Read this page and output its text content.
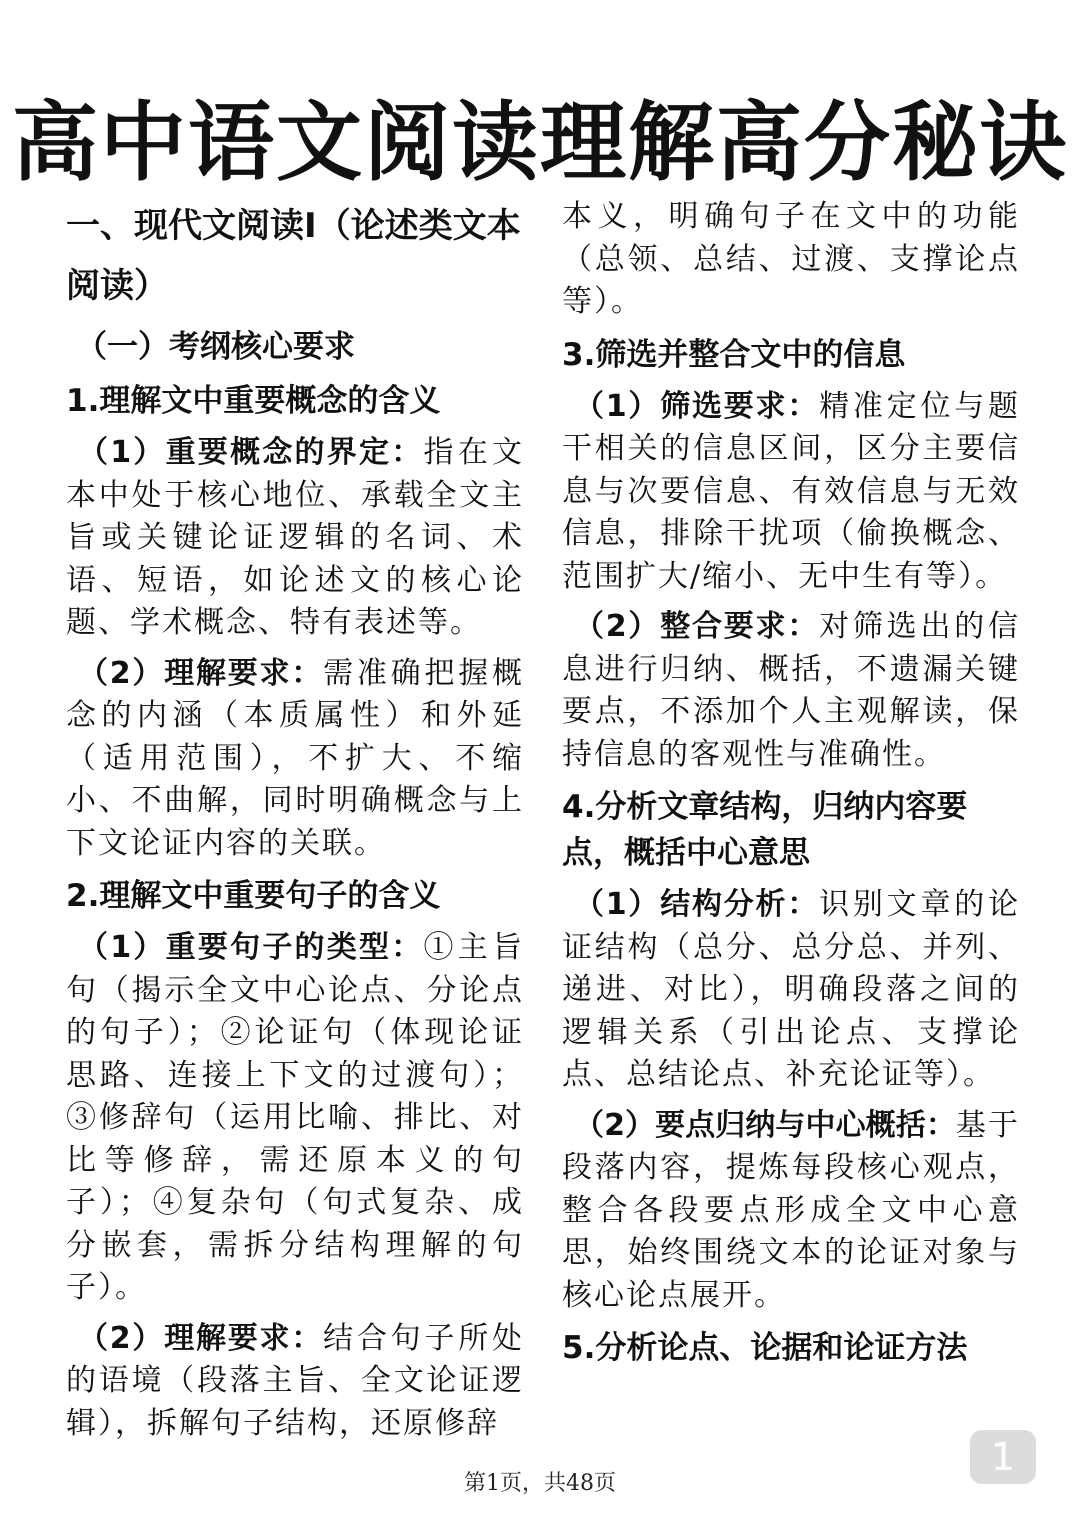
高中语文阅读理解高分秘诀
一、现代文阅读Ⅰ（论述类文本阅读）
（一）考纲核心要求
1.理解文中重要概念的含义
（1）重要概念的界定：指在文本中处于核心地位、承载全文主旨或关键论证逻辑的名词、术语、短语，如论述文的核心论题、学术概念、特有表述等。
（2）理解要求：需准确把握概念的内涵（本质属性）和外延（适用范围），不扩大、不缩小、不曲解，同时明确概念与上下文论证内容的关联。
2.理解文中重要句子的含义
（1）重要句子的类型：①主旨句（揭示全文中心论点、分论点的句子）；②论证句（体现论证思路、连接上下文的过渡句）；③修辞句（运用比喻、排比、对比等修辞，需还原本义的句子）；④复杂句（句式复杂、成分嵌套，需拆分结构理解的句子）。
（2）理解要求：结合句子所处的语境（段落主旨、全文论证逻辑），拆解句子结构，还原修辞
本义，明确句子在文中的功能（总领、总结、过渡、支撑论点等）。
3.筛选并整合文中的信息
（1）筛选要求：精准定位与题干相关的信息区间，区分主要信息与次要信息、有效信息与无效信息，排除干扰项（偷换概念、范围扩大/缩小、无中生有等）。
（2）整合要求：对筛选出的信息进行归纳、概括，不遗漏关键要点，不添加个人主观解读，保持信息的客观性与准确性。
4.分析文章结构，归纳内容要点，概括中心意思
（1）结构分析：识别文章的论证结构（总分、总分总、并列、递进、对比），明确段落之间的逻辑关系（引出论点、支撑论点、总结论点、补充论证等）。
（2）要点归纳与中心概括：基于段落内容，提炼每段核心观点，整合各段要点形成全文中心意思，始终围绕文本的论证对象与核心论点展开。
5.分析论点、论据和论证方法
1
第1页，共48页
